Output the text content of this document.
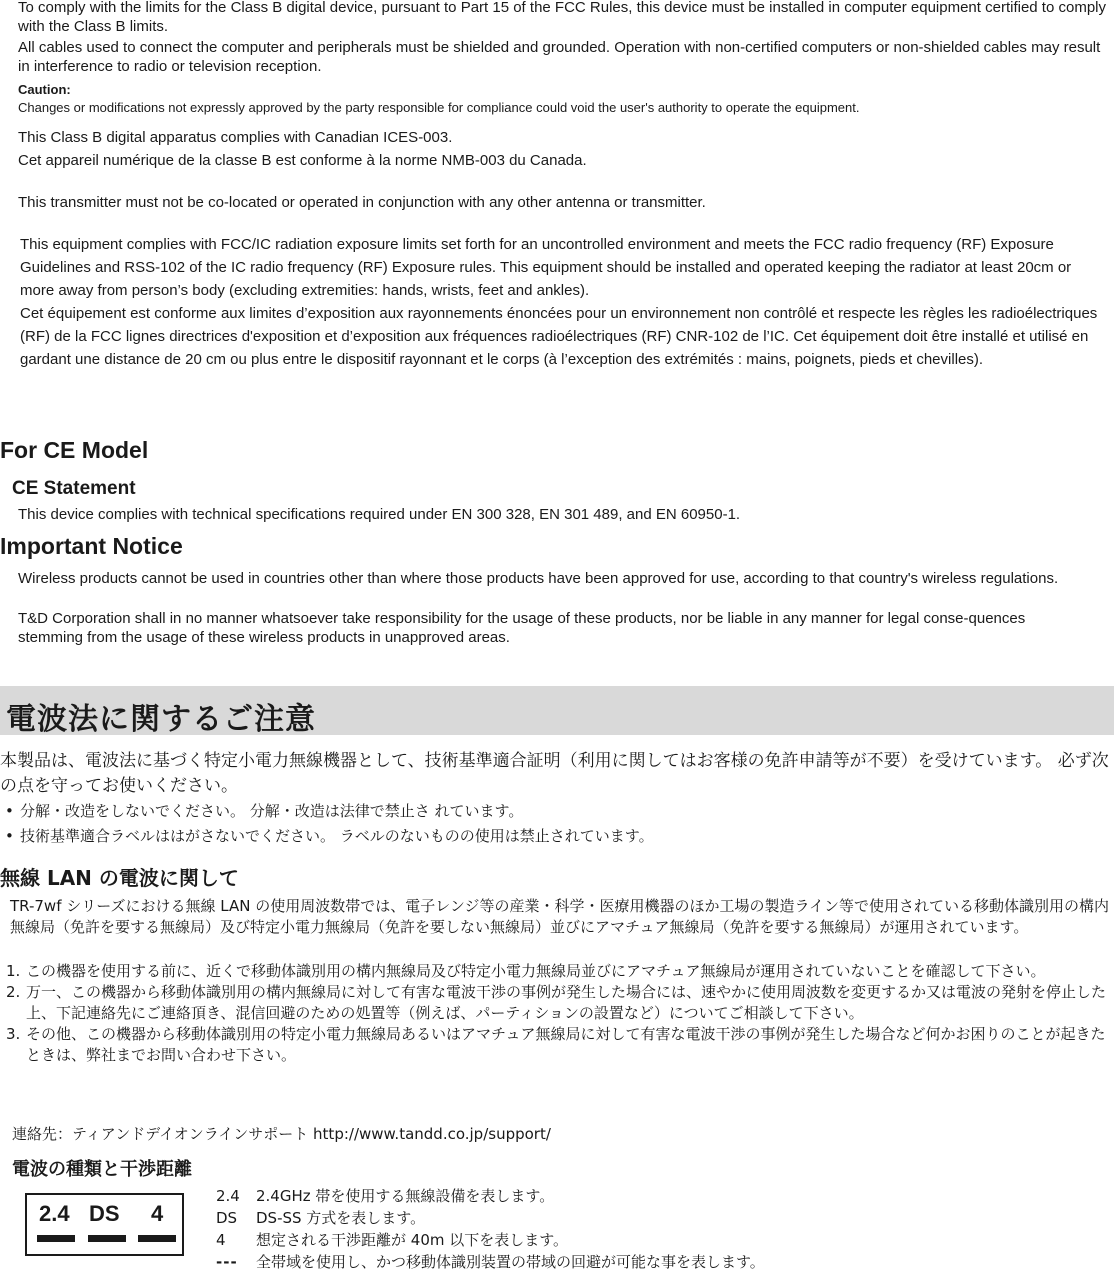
To comply with the limits for the Class B digital device, pursuant to Part 15 of the FCC Rules, this device must be installed in computer equipment certified to comply with the Class B limits.
All cables used to connect the computer and peripherals must be shielded and grounded. Operation with non-certified computers or non-shielded cables may result in interference to radio or television reception.
Caution:
Changes or modifications not expressly approved by the party responsible for compliance could void the user's authority to operate the equipment.
This Class B digital apparatus complies with Canadian ICES-003.
Cet appareil numérique de la classe B est conforme à la norme NMB-003 du Canada.
This transmitter must not be co-located or operated in conjunction with any other antenna or transmitter.
This equipment complies with FCC/IC radiation exposure limits set forth for an uncontrolled environment and meets the FCC radio frequency (RF) Exposure Guidelines and RSS-102 of the IC radio frequency (RF) Exposure rules. This equipment should be installed and operated keeping the radiator at least 20cm or more away from person’s body (excluding extremities: hands, wrists, feet and ankles).
Cet équipement est conforme aux limites d’exposition aux rayonnements énoncées pour un environnement non contrôlé et respecte les règles les radioélectriques (RF) de la FCC lignes directrices d'exposition et d’exposition aux fréquences radioélectriques (RF) CNR-102 de l’IC. Cet équipement doit être installé et utilisé en gardant une distance de 20 cm ou plus entre le dispositif rayonnant et le corps (à l’exception des extrémités : mains, poignets, pieds et chevilles).
For CE Model
CE Statement
This device complies with technical specifications required under EN 300 328, EN 301 489, and EN 60950-1.
Important Notice
Wireless products cannot be used in countries other than where those products have been approved for use, according to that country's wireless regulations.
T&D Corporation shall in no manner whatsoever take responsibility for the usage of these products, nor be liable in any manner for legal conse-quences stemming from the usage of these wireless products in unapproved areas.
電波法に関するご注意
本製品は、電波法に基づく特定小電力無線機器として、技術基準適合証明（利用に関してはお客様の免許申請等が不要）を受けています。 必ず次の点を守ってお使いください。
• 分解・改造をしないでください。 分解・改造は法律で禁止さ れています。
• 技術基準適合ラベルははがさないでください。 ラベルのないものの使用は禁止されています。
無線 LAN の電波に関して
TR-7wf シリーズにおける無線 LAN の使用周波数帯では、電子レンジ等の産業・科学・医療用機器のほか工場の製造ライン等で使用されている移動体識別用の構内無線局（免許を要する無線局）及び特定小電力無線局（免許を要しない無線局）並びにアマチュア無線局（免許を要する無線局）が運用されています。
1. この機器を使用する前に、近くで移動体識別用の構内無線局及び特定小電力無線局並びにアマチュア無線局が運用されていないことを確認して下さい。
2. 万一、この機器から移動体識別用の構内無線局に対して有害な電波干渉の事例が発生した場合には、速やかに使用周波数を変更するか又は電波の発射を停止した上、下記連絡先にご連絡頂き、混信回避のための処置等（例えば、パーティションの設置など）についてご相談して下さい。
3. その他、この機器から移動体識別用の特定小電力無線局あるいはアマチュア無線局に対して有害な電波干渉の事例が発生した場合など何かお困りのことが起きたときは、弊社までお問い合わせ下さい。
連絡先：ティアンドデイオンラインサポート http://www.tandd.co.jp/support/
電波の種類と干渉距離
2.4 DS 4
2.4	2.4GHz 帯を使用する無線設備を表します。
DS	DS-SS 方式を表します。
4	想定される干渉距離が 40m 以下を表します。
---	全帯域を使用し、かつ移動体識別装置の帯域の回避が可能な事を表します。
